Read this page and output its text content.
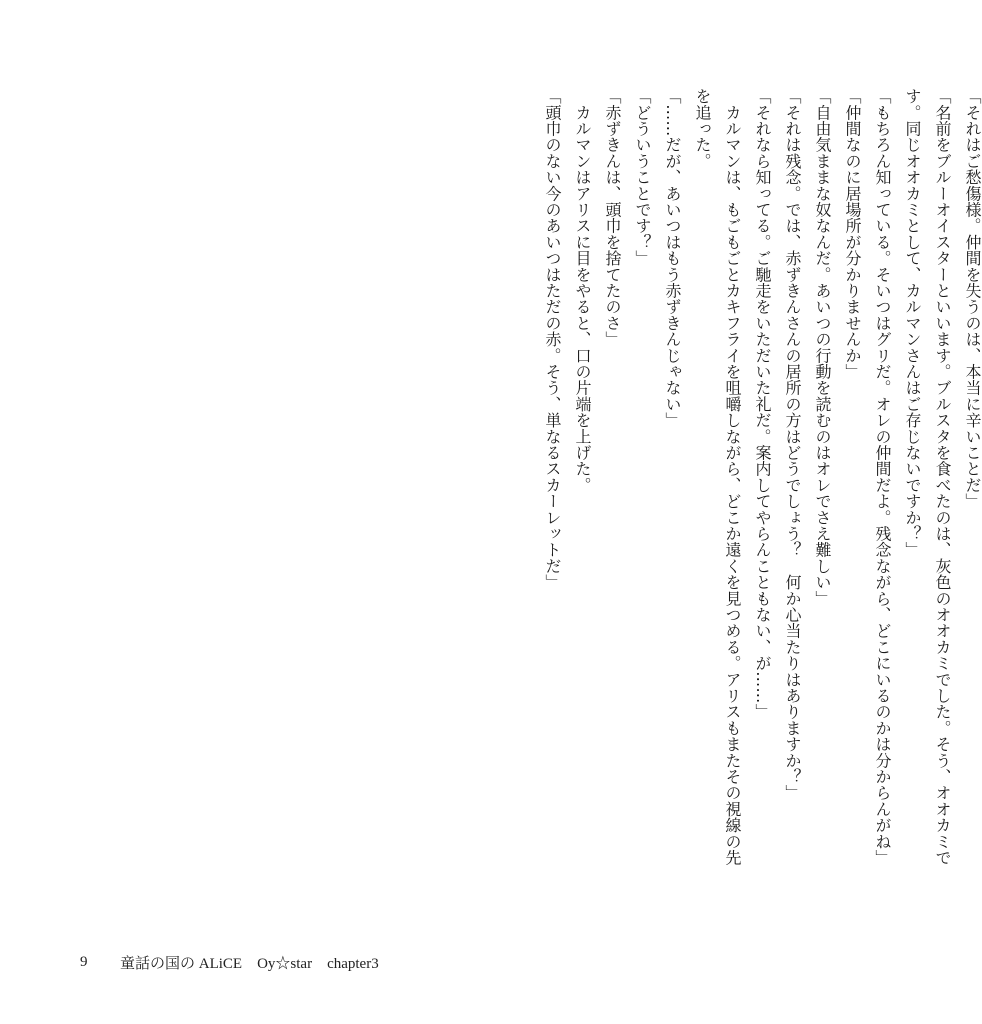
「それはご愁傷様。仲間を失うのは、本当に辛いことだ」
「名前をブルーオイスターといいます。ブルスタを食べたのは、灰色のオオカミでした。そう、オオカミで
す。同じオオカミとして、カルマンさんはご存じないですか？」
「もちろん知っている。そいつはグリだ。オレの仲間だよ。残念ながら、どこにいるのかは分からんがね」
「仲間なのに居場所が分かりませんか」
「自由気ままな奴なんだ。あいつの行動を読むのはオレでさえ難しい」
「それは残念。では、赤ずきんさんの居所の方はどうでしょう？　何か心当たりはありますか？」
「それなら知ってる。ご馳走をいただいた礼だ。案内してやらんこともない、が……」
　カルマンは、もごもごとカキフライを咀嚼しながら、どこか遠くを見つめる。アリスもまたその視線の先
を追った。
「……だが、あいつはもう赤ずきんじゃない」
「どういうことです？」
「赤ずきんは、頭巾を捨てたのさ」
　カルマンはアリスに目をやると、口の片端を上げた。
「頭巾のない今のあいつはただの赤。そう、単なるスカーレットだ」
9	童話の国の ALiCE　Oy☆star　chapter3
